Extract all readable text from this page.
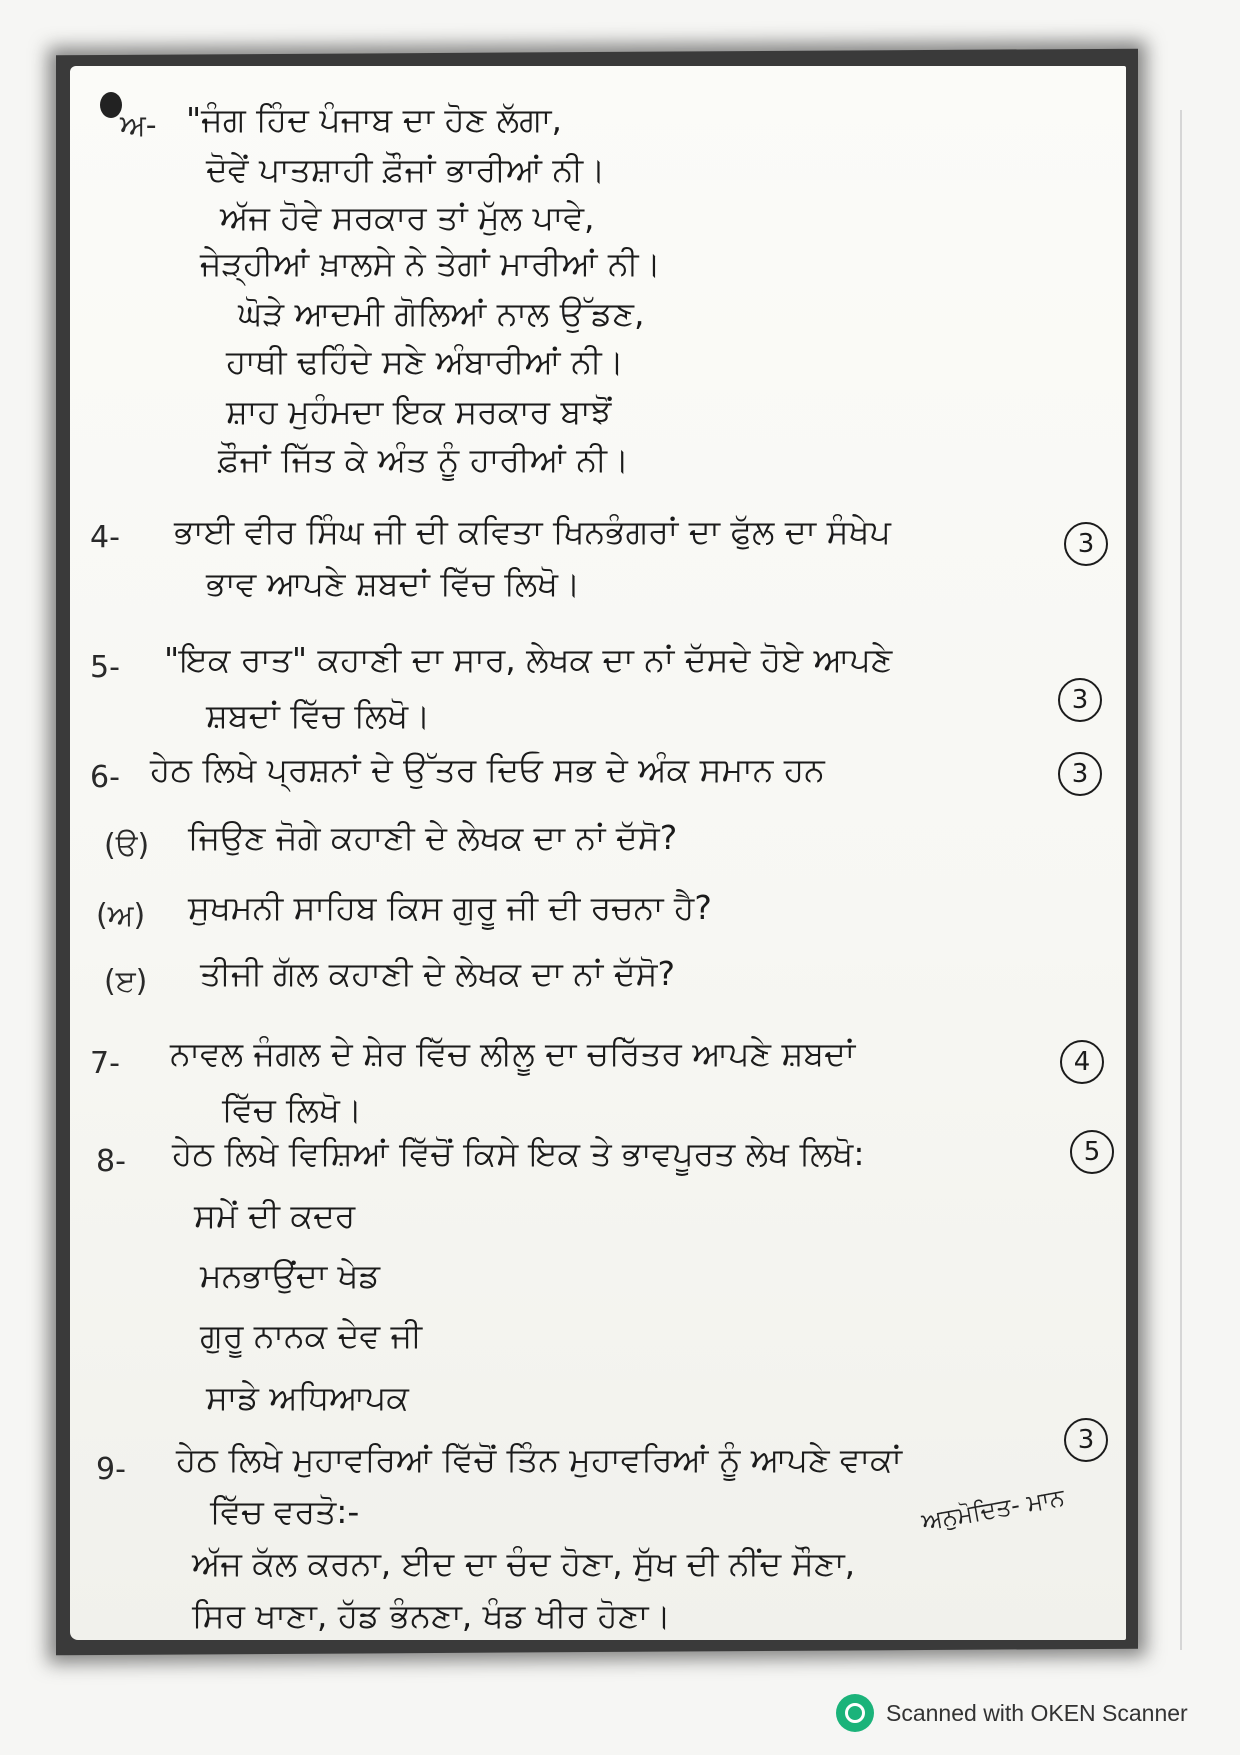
ਅ- "ਜੰਗ ਹਿੰਦ ਪੰਜਾਬ ਦਾ ਹੋਣ ਲੱਗਾ,
ਦੋਵੇਂ ਪਾਤਸ਼ਾਹੀ ਫ਼ੌਜਾਂ ਭਾਰੀਆਂ ਨੀ।
ਅੱਜ ਹੋਵੇ ਸਰਕਾਰ ਤਾਂ ਮੁੱਲ ਪਾਵੇ,
ਜੇੜ੍ਹੀਆਂ ਖ਼ਾਲਸੇ ਨੇ ਤੇਗਾਂ ਮਾਰੀਆਂ ਨੀ।
ਘੋੜੇ ਆਦਮੀ ਗੋਲਿਆਂ ਨਾਲ ਉੱਡਣ,
ਹਾਥੀ ਢਹਿੰਦੇ ਸਣੇ ਅੰਬਾਰੀਆਂ ਨੀ।
ਸ਼ਾਹ ਮੁਹੰਮਦਾ ਇਕ ਸਰਕਾਰ ਬਾਝੋਂ
ਫ਼ੌਜਾਂ ਜਿੱਤ ਕੇ ਅੰਤ ਨੂੰ ਹਾਰੀਆਂ ਨੀ।
4- ਭਾਈ ਵੀਰ ਸਿੰਘ ਜੀ ਦੀ ਕਵਿਤਾ ਖਿਨਭੰਗਰਾਂ ਦਾ ਫੁੱਲ ਦਾ ਸੰਖੇਪ
ਭਾਵ ਆਪਣੇ ਸ਼ਬਦਾਂ ਵਿੱਚ ਲਿਖੋ।
3
5- "ਇਕ ਰਾਤ" ਕਹਾਣੀ ਦਾ ਸਾਰ, ਲੇਖਕ ਦਾ ਨਾਂ ਦੱਸਦੇ ਹੋਏ ਆਪਣੇ
ਸ਼ਬਦਾਂ ਵਿੱਚ ਲਿਖੋ।	3
6- ਹੇਠ ਲਿਖੇ ਪ੍ਰਸ਼ਨਾਂ ਦੇ ਉੱਤਰ ਦਿਓ ਸਭ ਦੇ ਅੰਕ ਸਮਾਨ ਹਨ	3
(ੳ) ਜਿਉਣ ਜੋਗੇ ਕਹਾਣੀ ਦੇ ਲੇਖਕ ਦਾ ਨਾਂ ਦੱਸੋ?
(ਅ) ਸੁਖਮਨੀ ਸਾਹਿਬ ਕਿਸ ਗੁਰੂ ਜੀ ਦੀ ਰਚਨਾ ਹੈ?
(ੲ) ਤੀਜੀ ਗੱਲ ਕਹਾਣੀ ਦੇ ਲੇਖਕ ਦਾ ਨਾਂ ਦੱਸੋ?
7- ਨਾਵਲ ਜੰਗਲ ਦੇ ਸ਼ੇਰ ਵਿੱਚ ਲੀਲੂ ਦਾ ਚਰਿੱਤਰ ਆਪਣੇ ਸ਼ਬਦਾਂ
ਵਿੱਚ ਲਿਖੋ।
4
8- ਹੇਠ ਲਿਖੇ ਵਿਸ਼ਿਆਂ ਵਿੱਚੋਂ ਕਿਸੇ ਇਕ ਤੇ ਭਾਵਪੂਰਤ ਲੇਖ ਲਿਖੋ:	5
ਸਮੇਂ ਦੀ ਕਦਰ
ਮਨਭਾਉਂਦਾ ਖੇਡ
ਗੁਰੂ ਨਾਨਕ ਦੇਵ ਜੀ
ਸਾਡੇ ਅਧਿਆਪਕ
9- ਹੇਠ ਲਿਖੇ ਮੁਹਾਵਰਿਆਂ ਵਿੱਚੋਂ ਤਿੰਨ ਮੁਹਾਵਰਿਆਂ ਨੂੰ ਆਪਣੇ ਵਾਕਾਂ	3
ਵਿੱਚ ਵਰਤੋ:-
ਅੱਜ ਕੱਲ ਕਰਨਾ, ਈਦ ਦਾ ਚੰਦ ਹੋਣਾ, ਸੁੱਖ ਦੀ ਨੀਂਦ ਸੌਣਾ,
ਸਿਰ ਖਾਣਾ, ਹੱਡ ਭੰਨਣਾ, ਖੰਡ ਖੀਰ ਹੋਣਾ।
ਅਨੁਮੋਦਿਤ- ਮਾਨ
Scanned with OKEN Scanner
